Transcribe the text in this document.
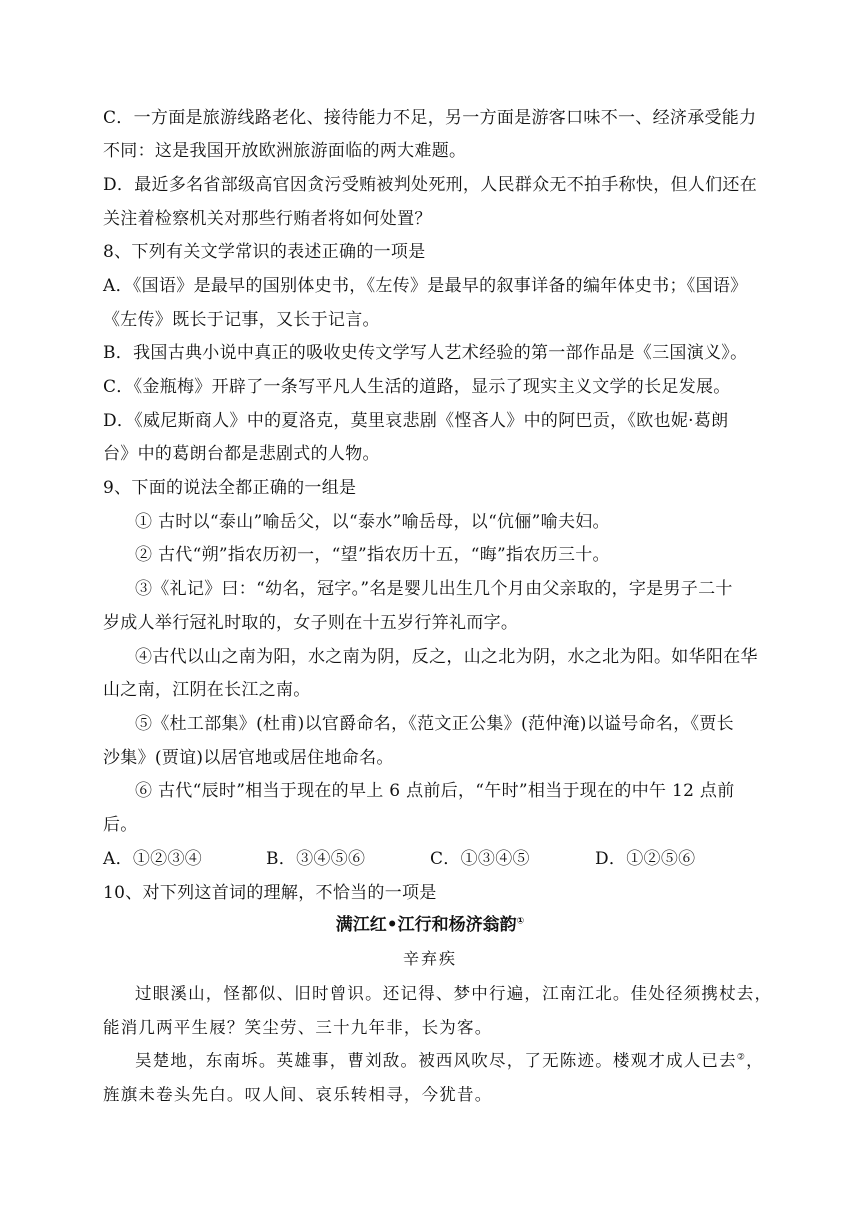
C．一方面是旅游线路老化、接待能力不足，另一方面是游客口味不一、经济承受能力
不同：这是我国开放欧洲旅游面临的两大难题。
D．最近多名省部级高官因贪污受贿被判处死刑，人民群众无不拍手称快，但人们还在
关注着检察机关对那些行贿者将如何处置？
8、下列有关文学常识的表述正确的一项是
A．《国语》是最早的国别体史书，《左传》是最早的叙事详备的编年体史书；《国语》
《左传》既长于记事，又长于记言。
B．我国古典小说中真正的吸收史传文学写人艺术经验的第一部作品是《三国演义》。
C．《金瓶梅》开辟了一条写平凡人生活的道路，显示了现实主义文学的长足发展。
D．《威尼斯商人》中的夏洛克，莫里哀悲剧《悭吝人》中的阿巴贡，《欧也妮·葛朗
台》中的葛朗台都是悲剧式的人物。
9、下面的说法全都正确的一组是
① 古时以“泰山”喻岳父，以“泰水”喻岳母，以“伉俪”喻夫妇。
② 古代“朔”指农历初一，“望”指农历十五，“晦”指农历三十。
③《礼记》曰：“幼名，冠字。”名是婴儿出生几个月由父亲取的，字是男子二十
岁成人举行冠礼时取的，女子则在十五岁行笄礼而字。
④古代以山之南为阳，水之南为阴，反之，山之北为阴，水之北为阳。如华阳在华
山之南，江阴在长江之南。
⑤《杜工部集》(杜甫)以官爵命名，《范文正公集》(范仲淹)以谥号命名，《贾长
沙集》(贾谊)以居官地或居住地命名。
⑥ 古代“辰时”相当于现在的早上 6 点前后，“午时”相当于现在的中午 12 点前
后。
A．①②③④	B．③④⑤⑥	C．①③④⑤	D．①②⑤⑥
10、对下列这首词的理解，不恰当的一项是
满江红•江行和杨济翁韵①
辛弃疾
过眼溪山，怪都似、旧时曾识。还记得、梦中行遍，江南江北。佳处径须携杖去，
能消几两平生屐？笑尘劳、三十九年非，长为客。
吴楚地，东南坼。英雄事，曹刘敌。被西风吹尽，了无陈迹。楼观才成人已去②，
旌旗未卷头先白。叹人间、哀乐转相寻，今犹昔。
